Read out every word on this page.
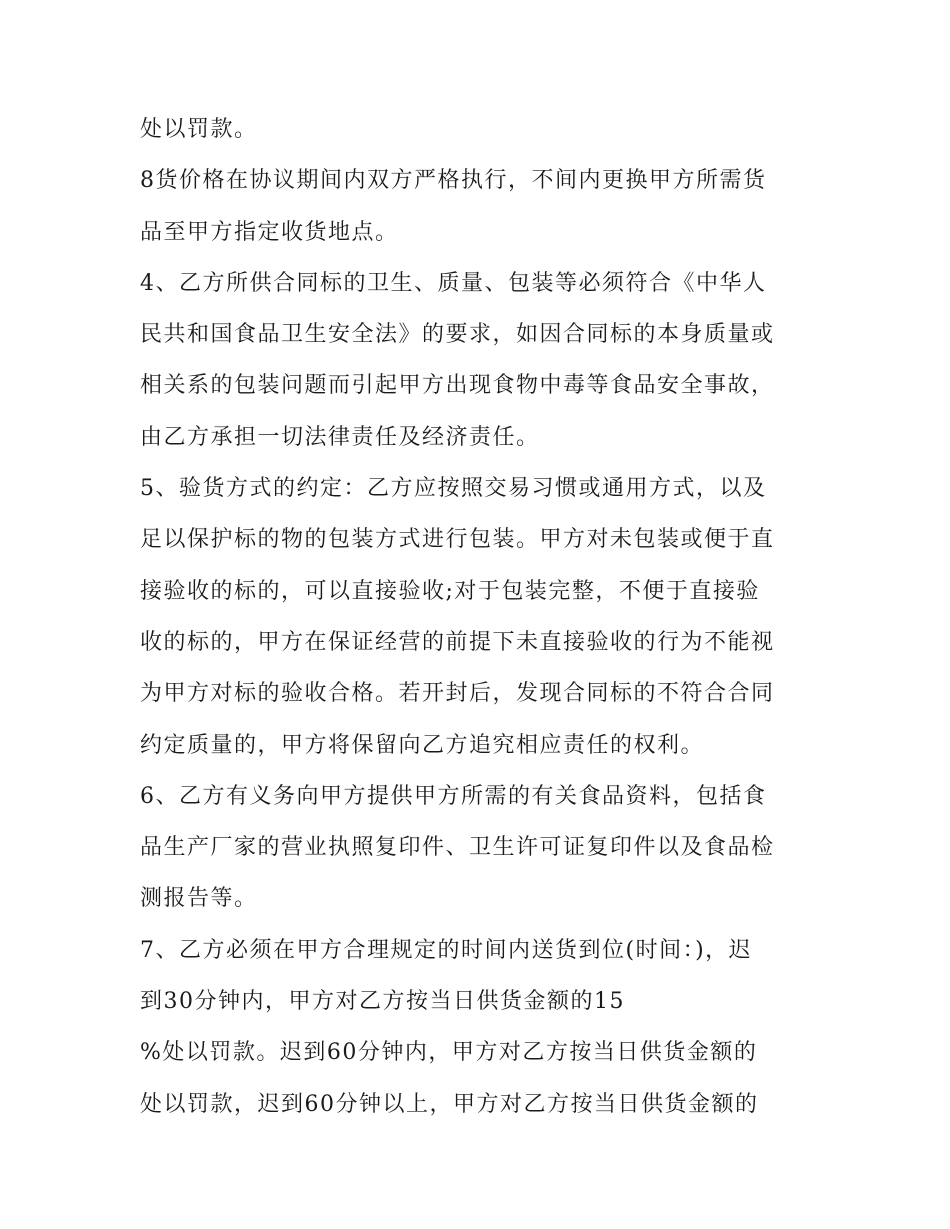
处以罚款。
8货价格在协议期间内双方严格执行，不间内更换甲方所需货
品至甲方指定收货地点。
4、乙方所供合同标的卫生、质量、包装等必须符合《中华人
民共和国食品卫生安全法》的要求，如因合同标的本身质量或
相关系的包装问题而引起甲方出现食物中毒等食品安全事故，
由乙方承担一切法律责任及经济责任。
5、验货方式的约定：乙方应按照交易习惯或通用方式，以及
足以保护标的物的包装方式进行包装。甲方对未包装或便于直
接验收的标的，可以直接验收;对于包装完整，不便于直接验
收的标的，甲方在保证经营的前提下未直接验收的行为不能视
为甲方对标的验收合格。若开封后，发现合同标的不符合合同
约定质量的，甲方将保留向乙方追究相应责任的权利。
6、乙方有义务向甲方提供甲方所需的有关食品资料，包括食
品生产厂家的营业执照复印件、卫生许可证复印件以及食品检
测报告等。
7、乙方必须在甲方合理规定的时间内送货到位(时间：)，迟
到30分钟内，甲方对乙方按当日供货金额的15
%处以罚款。迟到60分钟内，甲方对乙方按当日供货金额的
处以罚款，迟到60分钟以上，甲方对乙方按当日供货金额的
